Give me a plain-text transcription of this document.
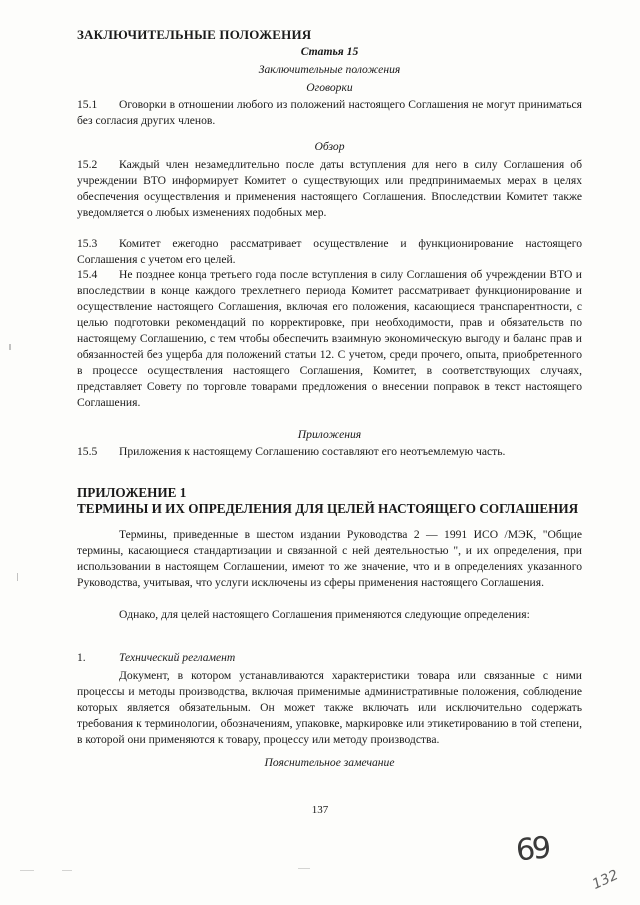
ЗАКЛЮЧИТЕЛЬНЫЕ ПОЛОЖЕНИЯ
Статья 15
Заключительные положения
Оговорки

15.1 Оговорки в отношении любого из положений настоящего Соглашения не могут приниматься без согласия других членов.

Обзор

15.2 Каждый член незамедлительно после даты вступления для него в силу Соглашения об учреждении ВТО информирует Комитет о существующих или предпринимаемых мерах в целях обеспечения осуществления и применения настоящего Соглашения. Впоследствии Комитет также уведомляется о любых изменениях подобных мер.

15.3 Комитет ежегодно рассматривает осуществление и функционирование настоящего Соглашения с учетом его целей.

15.4 Не позднее конца третьего года после вступления в силу Соглашения об учреждении ВТО и впоследствии в конце каждого трехлетнего периода Комитет рассматривает функционирование и осуществление настоящего Соглашения, включая его положения, касающиеся транспарентности, с целью подготовки рекомендаций по корректировке, при необходимости, прав и обязательств по настоящему Соглашению, с тем чтобы обеспечить взаимную экономическую выгоду и баланс прав и обязанностей без ущерба для положений статьи 12. С учетом, среди прочего, опыта, приобретенного в процессе осуществления настоящего Соглашения, Комитет, в соответствующих случаях, представляет Совету по торговле товарами предложения о внесении поправок в текст настоящего Соглашения.

Приложения

15.5 Приложения к настоящему Соглашению составляют его неотъемлемую часть.

ПРИЛОЖЕНИЕ 1
ТЕРМИНЫ И ИХ ОПРЕДЕЛЕНИЯ ДЛЯ ЦЕЛЕЙ НАСТОЯЩЕГО СОГЛАШЕНИЯ

Термины, приведенные в шестом издании Руководства 2 — 1991 ИСО /МЭК, "Общие термины, касающиеся стандартизации и связанной с ней деятельностью ", и их определения, при использовании в настоящем Соглашении, имеют то же значение, что и в определениях указанного Руководства, учитывая, что услуги исключены из сферы применения настоящего Соглашения.

Однако, для целей настоящего Соглашения применяются следующие определения:

1.	Технический регламент

Документ, в котором устанавливаются характеристики товара или связанные с ними процессы и методы производства, включая применимые административные положения, соблюдение которых является обязательным. Он может также включать или исключительно содержать требования к терминологии, обозначениям, упаковке, маркировке или этикетированию в той степени, в которой они применяются к товару, процессу или методу производства.

Пояснительное замечание
137
69
132
